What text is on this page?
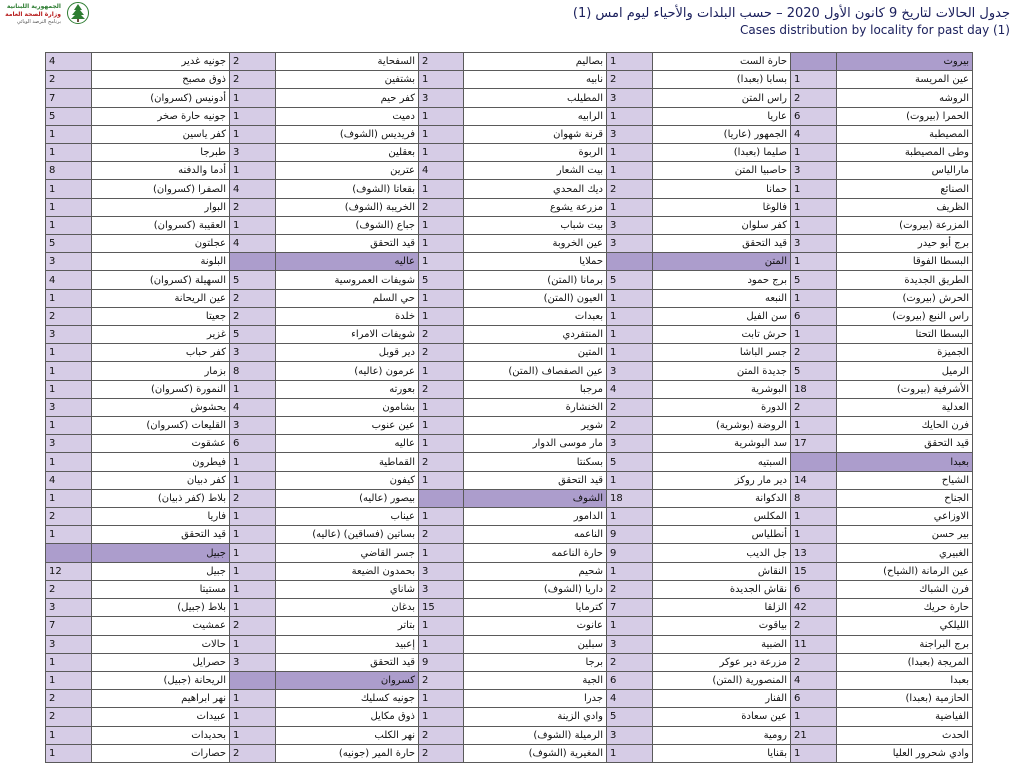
الجمهورية اللبنانية
وزارة الصحة العامة
برنامج الترصد الوبائي
جدول الحالات لتاريخ 9 كانون الأول 2020 – حسب البلدات والأحياء ليوم امس (1)
Cases distribution by locality for past day (1)
بيروت		حارة الست	1	بصاليم	2	السفحاية	2	جونيه غدير	4
عين المريسة	1	بسابا (بعبدا)	2	نابيه	1	بشتفين	2	ذوق مصبح	2
الروشه	2	راس المتن	3	المطيلب	3	كفر حيم	1	أدونيس (كسروان)	7
الحمرا (بيروت)	6	عاريا	1	الرابيه	1	دميت	1	جونيه حارة صخر	5
المصيطبة	4	الجمهور (عاريا)	3	قرنة شهوان	1	فريديس (الشوف)	1	كفر ياسين	1
وطى المصيطبة	1	صليما (بعبدا)	1	الربوة	1	بعقلين	3	طبرجا	1
مارالياس	3	حاصبيا المتن	1	بيت الشعار	4	عترين	1	أدما والدفنه	8
الصنائع	1	حمانا	2	ديك المحدي	1	بقعاتا (الشوف)	4	الصفرا (كسروان)	1
الظريف	1	فالوغا	1	مزرعة يشوع	2	الخريبة (الشوف)	2	البوار	1
المزرعة (بيروت)	1	كفر سلوان	3	بيت شباب	1	جباع (الشوف)	1	العقيبة (كسروان)	1
برج أبو حيدر	3	قيد التحقق	3	عين الخروبة	1	قيد التحقق	4	عجلتون	5
البسطا الفوقا	1	المتن		حملايا	1	عاليه		البلونة	3
الطريق الجديدة	5	برج حمود	5	برمانا (المتن)	5	شويفات العمروسية	5	السهيلة (كسروان)	4
الحرش (بيروت)	1	النبعه	1	العيون (المتن)	1	حي السلم	2	عين الريحانة	1
راس النبع (بيروت)	6	سن الفيل	1	بعبدات	1	خلدة	2	جعيتا	2
البسطا التحتا	1	حرش تابت	1	المنتفردي	2	شويفات الامراء	5	غزير	3
الجميزة	2	جسر الباشا	1	المتين	2	دير قوبل	3	كفر حباب	1
الرميل	5	جديدة المتن	3	عين الصفصاف (المتن)	1	عرمون (عاليه)	8	بزمار	1
الأشرفية (بيروت)	18	البوشرية	4	مرجبا	2	بعورته	1	النمورة (كسروان)	1
العدلية	2	الدورة	2	الخنشارة	1	بشامون	4	يحشوش	3
فرن الحايك	1	الروضة (بوشرية)	2	شوير	1	عين عنوب	3	القليعات (كسروان)	1
قيد التحقق	17	سد البوشرية	3	مار موسى الدوار	1	عاليه	6	عشقوت	3
بعبدا		السبتيه	5	بسكنتا	2	القماطية	1	فيطرون	1
الشياح	14	دير مار روكز	1	قيد التحقق	1	كيفون	1	كفر دبيان	4
الجناح	8	الدكوانة	18	الشوف		بيصور (عاليه)	2	بلاط (كفر ذبيان)	1
الاوزاعي	1	المكلس	1	الدامور	1	عيناب	1	فاريا	2
بير حسن	1	أنطلياس	9	الناعمه	2	بساتين (فساقين) (عاليه)	1	قيد التحقق	1
الغبيري	13	جل الديب	9	حارة الناعمه	1	جسر القاضي	1	جبيل	
عين الرمانة (الشياح)	15	النقاش	1	شحيم	3	بحمدون الضيعة	1	جبيل	12
فرن الشباك	6	نقاش الجديدة	2	داريا (الشوف)	3	شاناي	1	مستيتا	2
حارة حريك	42	الزلقا	7	كترمايا	15	بدغان	1	بلاط (جبيل)	3
الليلكي	2	بياقوت	1	عانوت	1	بتاتر	2	عمشيت	7
برج البراجنة	11	الضبية	3	سبلين	1	إعبيد	1	حالات	3
المريجة (بعبدا)	2	مزرعة دير عوكر	2	برجا	9	قيد التحقق	3	حصرايل	1
بعبدا	4	المنصورية (المتن)	6	الجية	2	كسروان		الريحانة (جبيل)	1
الحازمية (بعبدا)	6	الفنار	4	جدرا	1	جونيه كسليك	1	نهر ابراهيم	2
الفياضية	1	عين سعادة	5	وادي الزينة	1	ذوق مكايل	1	عبيدات	2
الحدث	21	رومية	3	الرميلة (الشوف)	2	نهر الكلب	1	بحديدات	1
وادي شحرور العليا	1	بقنايا	1	المغيرية (الشوف)	2	حارة المير (جونيه)	2	حصارات	1
